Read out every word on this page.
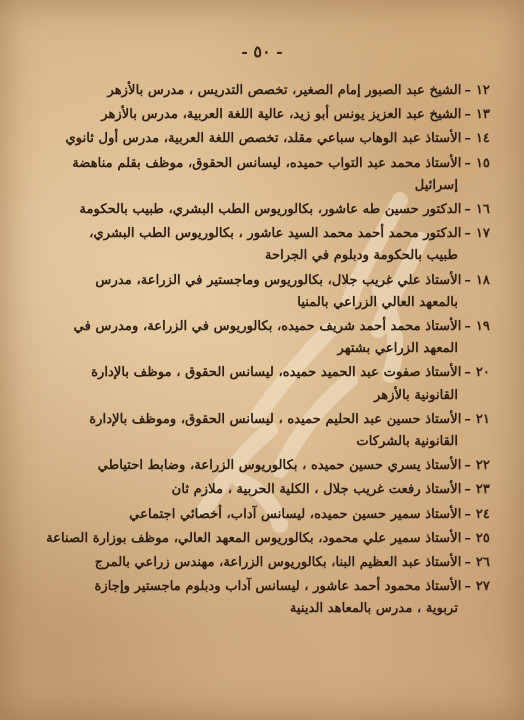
- ٥٠ -
١٢–الشيخ عبد الصبور إمام الصغير، تخصص التدريس ، مدرس بالأزهر
١٣–الشيخ عبد العزيز يونس أبو زيد، عالية اللغة العربية، مدرس بالأزهر
١٤–الأستاذ عبد الوهاب سباعي مقلد، تخصص اللغة العربية، مدرس أول ثانوي
١٥–الأستاذ محمد عبد التواب حميده، ليسانس الحقوق، موظف بقلم مناهضة
إسرائيل
١٦–الدكتور حسين طه عاشور، بكالوريوس الطب البشري، طبيب بالحكومة
١٧–الدكتور محمد أحمد محمد السيد عاشور ، بكالوريوس الطب البشري،
طبيب بالحكومة ودبلوم في الجراحة
١٨–الأستاذ علي غريب جلال، بكالوريوس وماجستير في الزراعة، مدرس
بالمعهد العالي الزراعي بالمنيا
١٩–الأستاذ محمد أحمد شريف حميده، بكالوريوس في الزراعة، ومدرس في
المعهد الزراعي بشتهر
٢٠–الأستاذ صفوت عبد الحميد حميده، ليسانس الحقوق ، موظف بالإدارة
القانونية بالأزهر
٢١–الأستاذ حسين عبد الحليم حميده ، ليسانس الحقوق، وموظف بالإدارة
القانونية بالشركات
٢٢–الأستاذ يسري حسين حميده ، بكالوريوس الزراعة، وضابط احتياطي
٢٣–الأستاذ رفعت غريب جلال ، الكلية الحربية ، ملازم ثان
٢٤–الأستاذ سمير حسين حميده، ليسانس آداب، أخصائي اجتماعي
٢٥–الأستاذ سمير علي محمود، بكالوريوس المعهد العالي، موظف بوزارة الصناعة
٢٦–الأستاذ عبد العظيم البنا، بكالوريوس الزراعة، مهندس زراعي بالمرج
٢٧–الأستاذ محمود أحمد عاشور ، ليسانس آداب ودبلوم ماجستير وإجازة
تربوية ، مدرس بالمعاهد الدينية
